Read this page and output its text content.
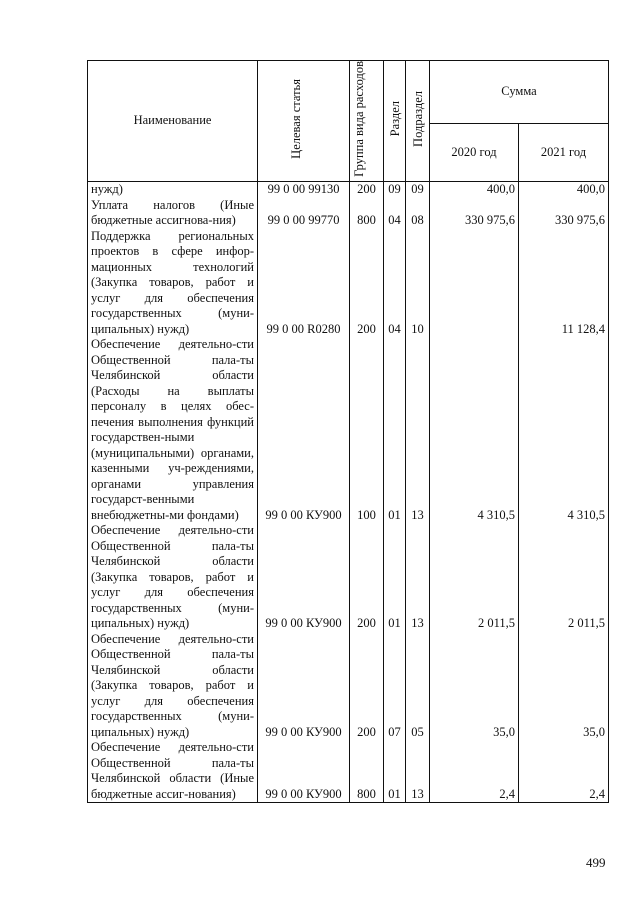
Наименование	Целевая статья	Группа вида расходов	Раздел	Подраздел	Сумма	
					2020 год	2021 год
нужд)	99 0 00 99130	200	09	09	400,0	400,0
Уплата налогов (Иные бюджетные ассигнова-ния)	99 0 00 99770	800	04	08	330 975,6	330 975,6
Поддержка региональных проектов в сфере инфор-мационных технологий (Закупка товаров, работ и услуг для обеспечения государственных (муни-ципальных) нужд)	99 0 00 R0280	200	04	10		11 128,4
Обеспечение деятельно-сти Общественной пала-ты Челябинской области (Расходы на выплаты персоналу в целях обес-печения выполнения функций государствен-ными (муниципальными) органами, казенными уч-реждениями, органами управления государст-венными внебюджетны-ми фондами)	99 0 00 КУ900	100	01	13	4 310,5	4 310,5
Обеспечение деятельно-сти Общественной пала-ты Челябинской области (Закупка товаров, работ и услуг для обеспечения государственных (муни-ципальных) нужд)	99 0 00 КУ900	200	01	13	2 011,5	2 011,5
Обеспечение деятельно-сти Общественной пала-ты Челябинской области (Закупка товаров, работ и услуг для обеспечения государственных (муни-ципальных) нужд)	99 0 00 КУ900	200	07	05	35,0	35,0
Обеспечение деятельно-сти Общественной пала-ты Челябинской области (Иные бюджетные ассиг-нования)	99 0 00 КУ900	800	01	13	2,4	2,4
499
